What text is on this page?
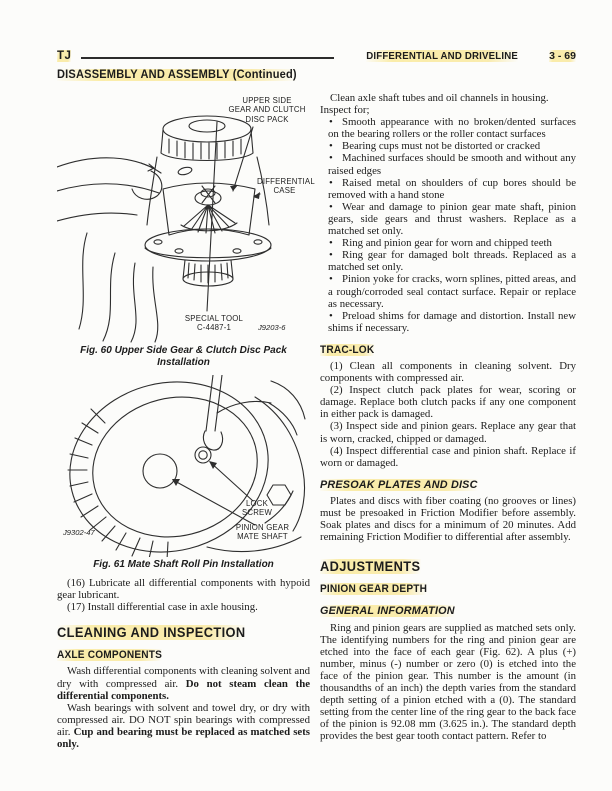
TJ	DIFFERENTIAL AND DRIVELINE	3 - 69
DISASSEMBLY AND ASSEMBLY (Continued)
UPPER SIDE
GEAR AND CLUTCH
DISC PACK
DIFFERENTIAL
CASE
SPECIAL TOOL
C-4487-1	J9203-6
Fig. 60 Upper Side Gear & Clutch Disc Pack
Installation
LOCK
SCREW
PINION GEAR
MATE SHAFT
J9302-47
Fig. 61 Mate Shaft Roll Pin Installation

(16) Lubricate all differential components with hypoid gear lubricant.

(17) Install differential case in axle housing.

CLEANING AND INSPECTION
AXLE COMPONENTS

Wash differential components with cleaning solvent and dry with compressed air. Do not steam clean the differential components.

Wash bearings with solvent and towel dry, or dry with compressed air. DO NOT spin bearings with compressed air. Cup and bearing must be replaced as matched sets only.

Clean axle shaft tubes and oil channels in housing.

Inspect for;

• Smooth appearance with no broken/dented surfaces on the bearing rollers or the roller contact surfaces
• Bearing cups must not be distorted or cracked
• Machined surfaces should be smooth and without any raised edges
• Raised metal on shoulders of cup bores should be removed with a hand stone
• Wear and damage to pinion gear mate shaft, pinion gears, side gears and thrust washers. Replace as a matched set only.
• Ring and pinion gear for worn and chipped teeth
• Ring gear for damaged bolt threads. Replaced as a matched set only.
• Pinion yoke for cracks, worn splines, pitted areas, and a rough/corroded seal contact surface. Repair or replace as necessary.
• Preload shims for damage and distortion. Install new shims if necessary.
TRAC-LOK

(1) Clean all components in cleaning solvent. Dry components with compressed air.

(2) Inspect clutch pack plates for wear, scoring or damage. Replace both clutch packs if any one component in either pack is damaged.

(3) Inspect side and pinion gears. Replace any gear that is worn, cracked, chipped or damaged.

(4) Inspect differential case and pinion shaft. Replace if worn or damaged.

PRESOAK PLATES AND DISC

Plates and discs with fiber coating (no grooves or lines) must be presoaked in Friction Modifier before assembly. Soak plates and discs for a minimum of 20 minutes. Add remaining Friction Modifier to differential after assembly.

ADJUSTMENTS
PINION GEAR DEPTH
GENERAL INFORMATION

Ring and pinion gears are supplied as matched sets only. The identifying numbers for the ring and pinion gear are etched into the face of each gear (Fig. 62). A plus (+) number, minus (-) number or zero (0) is etched into the face of the pinion gear. This number is the amount (in thousandths of an inch) the depth varies from the standard depth setting of a pinion etched with a (0). The standard setting from the center line of the ring gear to the back face of the pinion is 92.08 mm (3.625 in.). The standard depth provides the best gear tooth contact pattern. Refer to
